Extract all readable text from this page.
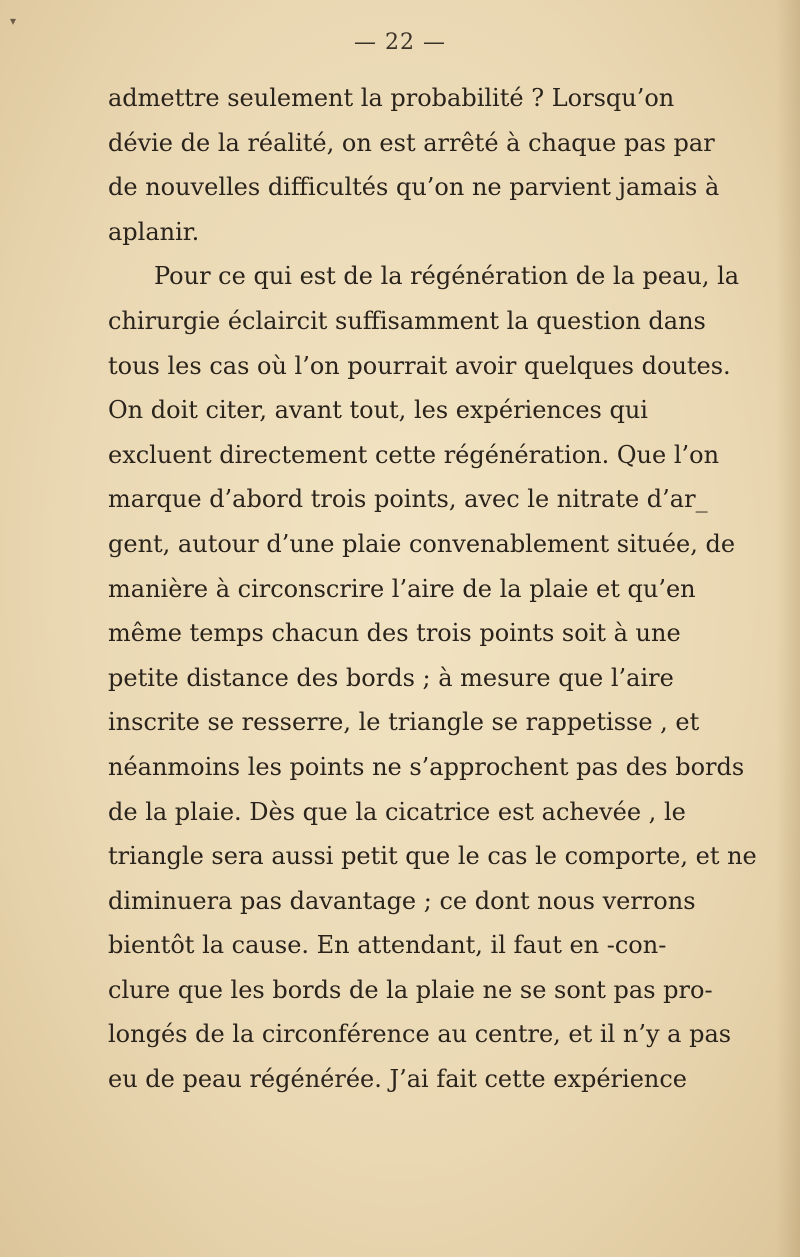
▾

— 22 —

admettre seulement la probabilité ? Lorsqu’on
dévie de la réalité, on est arrêté à chaque pas par
de nouvelles difficultés qu’on ne parvient jamais à
aplanir.
Pour ce qui est de la régénération de la peau, la
chirurgie éclaircit suffisamment la question dans
tous les cas où l’on pourrait avoir quelques doutes.
On doit citer, avant tout, les expériences qui
excluent directement cette régénération. Que l’on
marque d’abord trois points, avec le nitrate d’ar_
gent, autour d’une plaie convenablement située, de
manière à circonscrire l’aire de la plaie et qu’en
même temps chacun des trois points soit à une
petite distance des bords ; à mesure que l’aire
inscrite se resserre, le triangle se rappetisse , et
néanmoins les points ne s’approchent pas des bords
de la plaie. Dès que la cicatrice est achevée , le
triangle sera aussi petit que le cas le comporte, et ne
diminuera pas davantage ; ce dont nous verrons
bientôt la cause. En attendant, il faut en -con-
clure que les bords de la plaie ne se sont pas pro-
longés de la circonférence au centre, et il n’y a pas
eu de peau régénérée. J’ai fait cette expérience
